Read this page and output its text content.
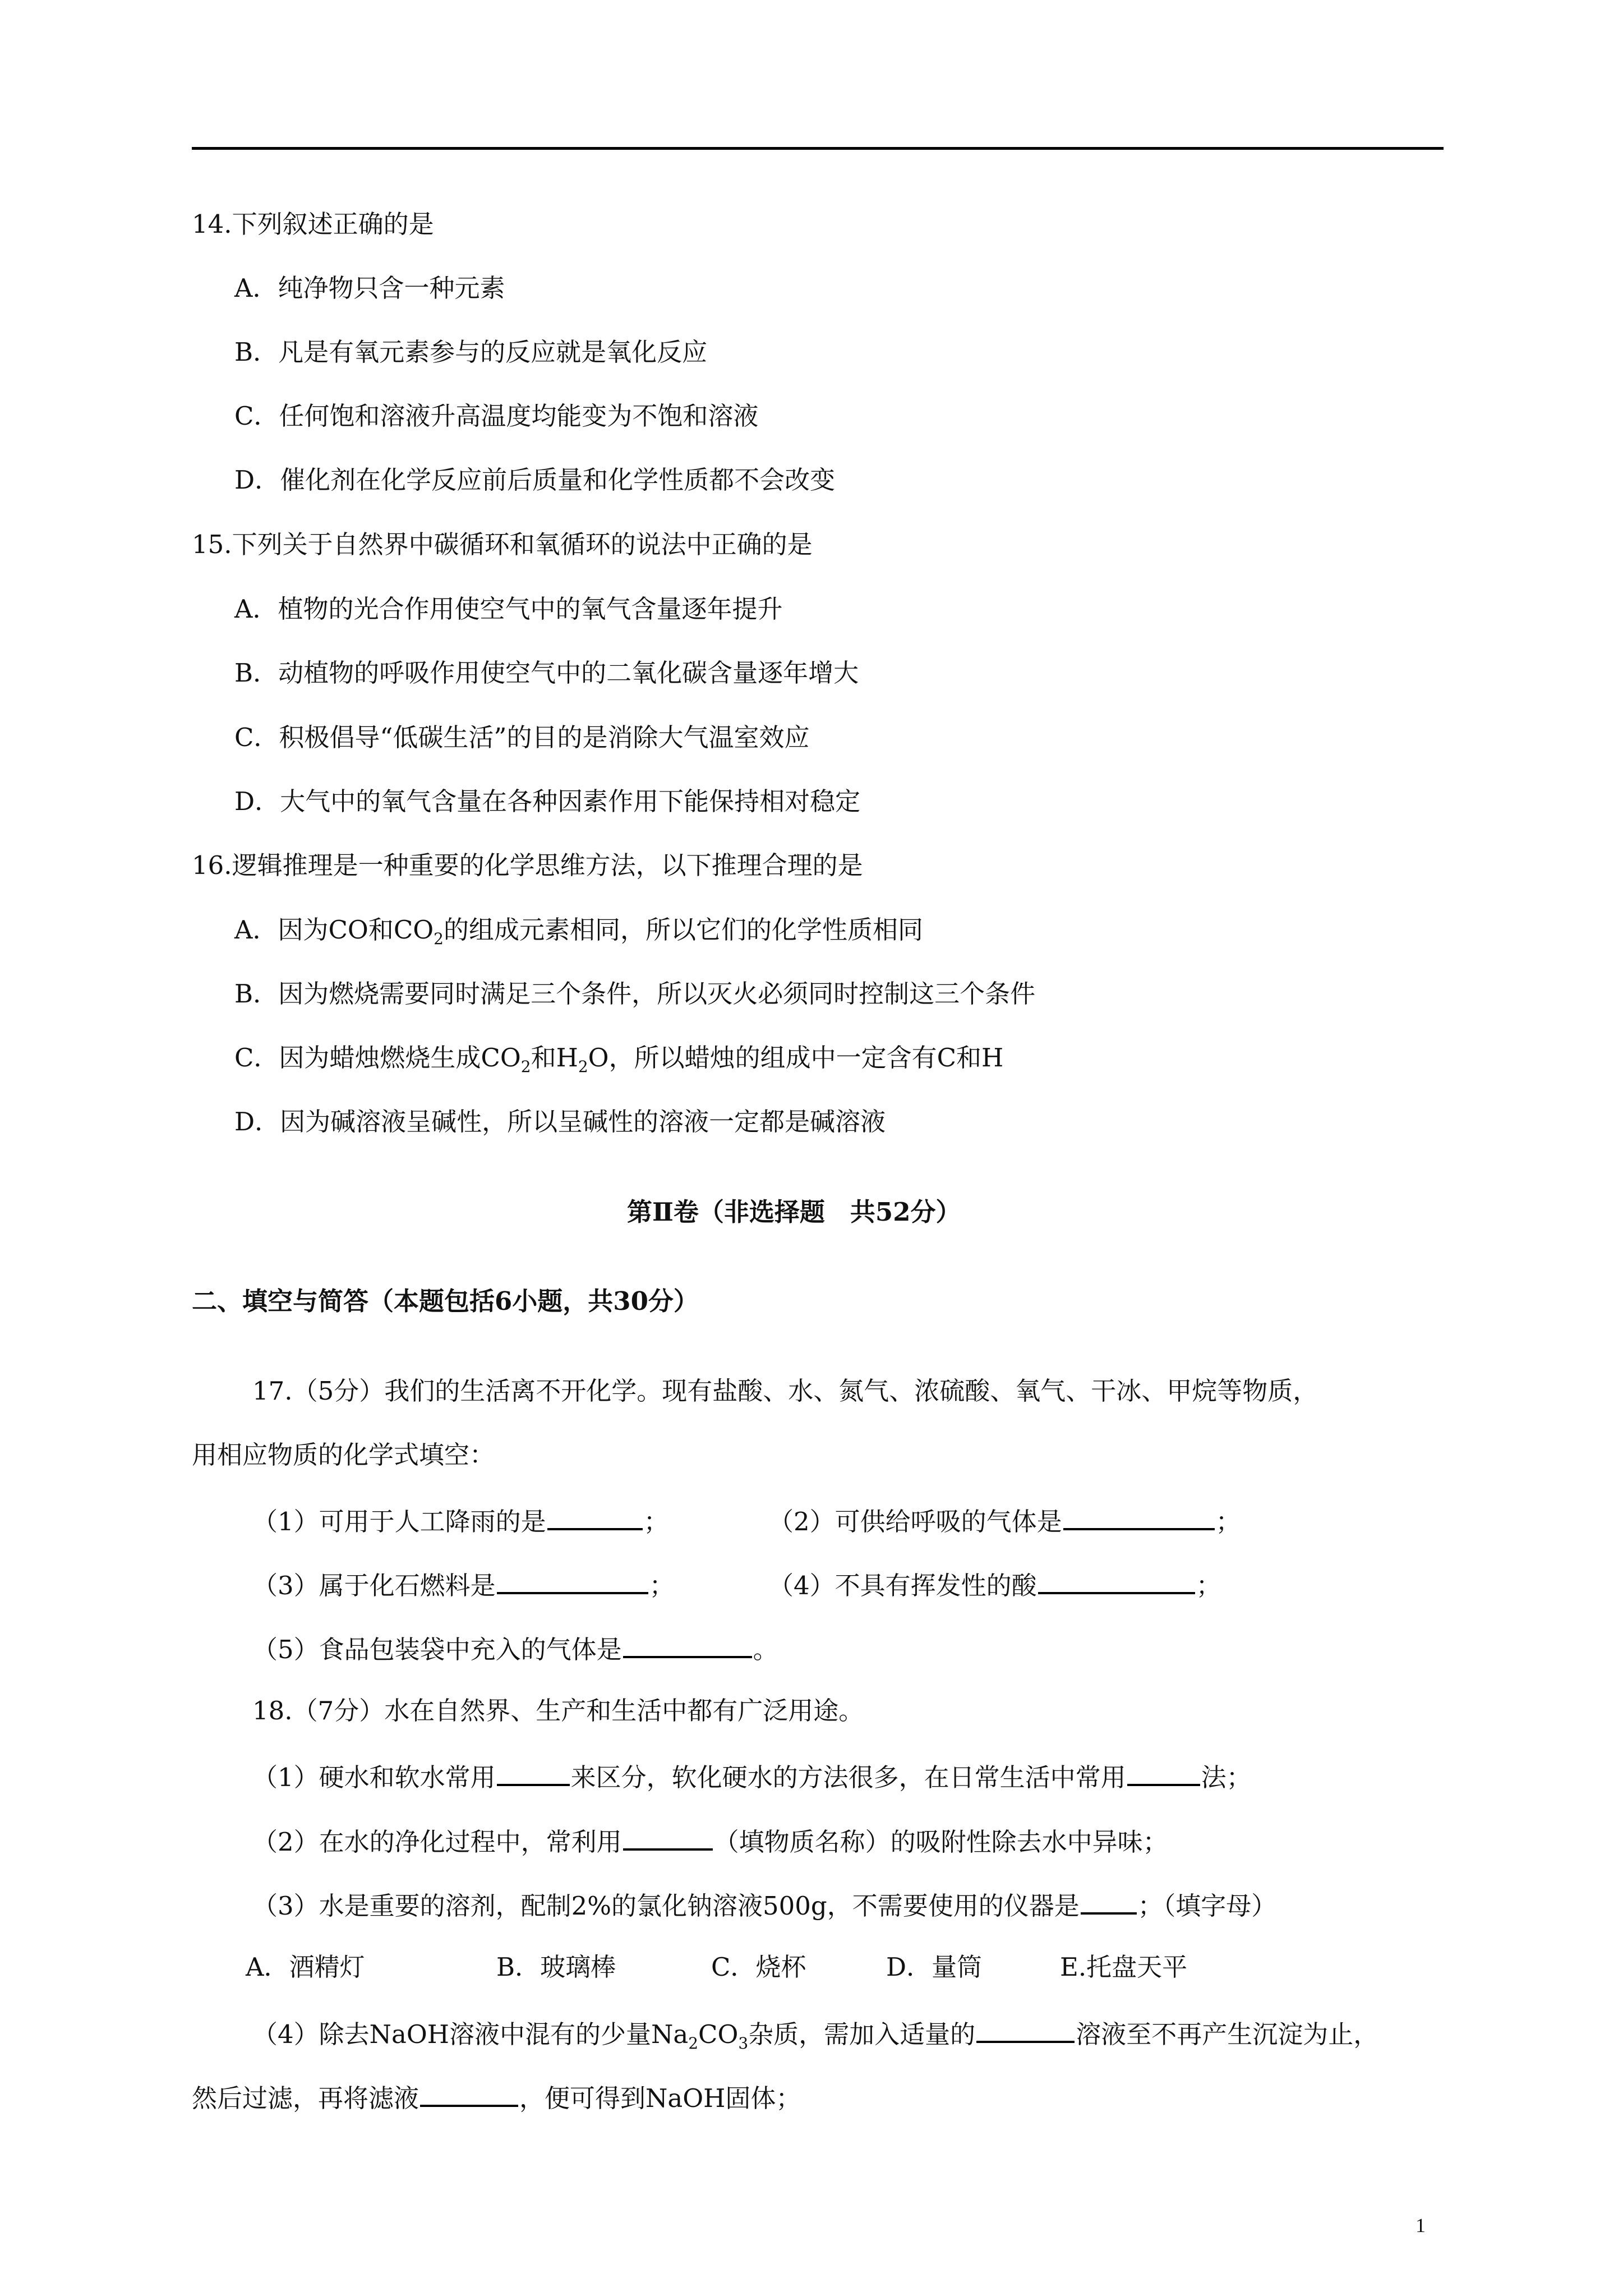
14.下列叙述正确的是
A．纯净物只含一种元素
B．凡是有氧元素参与的反应就是氧化反应
C．任何饱和溶液升高温度均能变为不饱和溶液
D．催化剂在化学反应前后质量和化学性质都不会改变
15.下列关于自然界中碳循环和氧循环的说法中正确的是
A．植物的光合作用使空气中的氧气含量逐年提升
B．动植物的呼吸作用使空气中的二氧化碳含量逐年增大
C．积极倡导“低碳生活”的目的是消除大气温室效应
D．大气中的氧气含量在各种因素作用下能保持相对稳定
16.逻辑推理是一种重要的化学思维方法，以下推理合理的是
A．因为CO和$CO_2$的组成元素相同，所以它们的化学性质相同
B．因为燃烧需要同时满足三个条件，所以灭火必须同时控制这三个条件
C．因为蜡烛燃烧生成$CO_2$和$H_2O$，所以蜡烛的组成中一定含有C和H
D．因为碱溶液呈碱性，所以呈碱性的溶液一定都是碱溶液
第Ⅱ卷（非选择题　共52分）
二、填空与简答（本题包括6小题，共30分）
17.（5分）我们的生活离不开化学。现有盐酸、水、氮气、浓硫酸、氧气、干冰、甲烷等物质，
用相应物质的化学式填空：
（1）可用于人工降雨的是	；	（2）可供给呼吸的气体是	；
（3）属于化石燃料是	；	（4）不具有挥发性的酸	；
（5）食品包装袋中充入的气体是	。
18.（7分）水在自然界、生产和生活中都有广泛用途。
（1）硬水和软水常用	来区分，软化硬水的方法很多，在日常生活中常用	法；
（2）在水的净化过程中，常利用	（填物质名称）的吸附性除去水中异味；
（3）水是重要的溶剂，配制2%的氯化钠溶液500g，不需要使用的仪器是 ；（填字母）
A．酒精灯	B．玻璃棒	C．烧杯	D．量筒	E.托盘天平
（4）除去NaOH溶液中混有的少量$Na_2CO_3$杂质，需加入适量的	溶液至不再产生沉淀为止，
然后过滤，再将滤液	，便可得到NaOH固体；
1
